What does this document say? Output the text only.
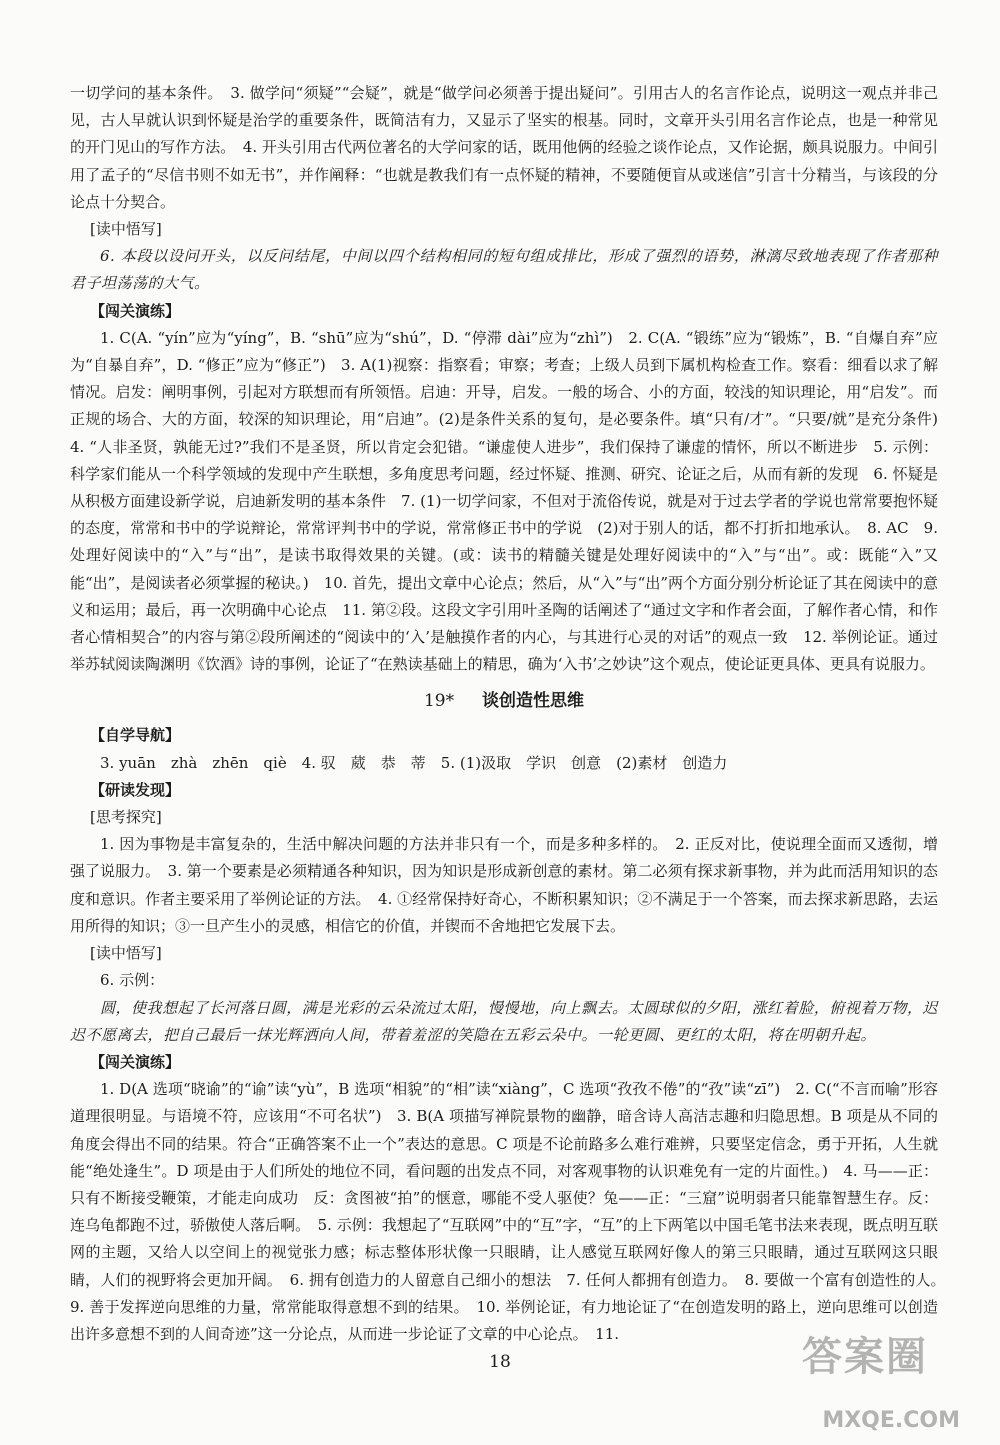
一切学问的基本条件。　3. 做学问“须疑”“会疑”，就是“做学问必须善于提出疑问”。引用古人的名言作论点，说明这一观点并非己见，古人早就认识到怀疑是治学的重要条件，既简洁有力，又显示了坚实的根基。同时，文章开头引用名言作论点，也是一种常见的开门见山的写作方法。　4. 开头引用古代两位著名的大学问家的话，既用他俩的经验之谈作论点，又作论据，颇具说服力。中间引用了孟子的“尽信书则不如无书”，并作阐释：“也就是教我们有一点怀疑的精神，不要随便盲从或迷信”引言十分精当，与该段的分论点十分契合。

[读中悟写]

6. 本段以设问开头，以反问结尾，中间以四个结构相同的短句组成排比，形成了强烈的语势，淋漓尽致地表现了作者那种君子坦荡荡的大气。

【闯关演练】

1. C(A. “yín”应为“yíng”，B. “shū”应为“shú”，D. “停滞 dài”应为“zhì”)　2. C(A. “锻练”应为“锻炼”，B. “自爆自弃”应为“自暴自弃”，D. “修正”应为“修正”)　3. A(1)视察：指察看；审察；考查；上级人员到下属机构检查工作。察看：细看以求了解情况。启发：阐明事例，引起对方联想而有所领悟。启迪：开导，启发。一般的场合、小的方面，较浅的知识理论，用“启发”。而正规的场合、大的方面，较深的知识理论，用“启迪”。(2)是条件关系的复句，是必要条件。填“只有/才”。“只要/就”是充分条件)　4. “人非圣贤，孰能无过?”我们不是圣贤，所以肯定会犯错。“谦虚使人进步”，我们保持了谦虚的情怀，所以不断进步　5. 示例：科学家们能从一个科学领域的发现中产生联想，多角度思考问题，经过怀疑、推测、研究、论证之后，从而有新的发现　6. 怀疑是从积极方面建设新学说，启迪新发明的基本条件　7. (1)一切学问家，不但对于流俗传说，就是对于过去学者的学说也常常要抱怀疑的态度，常常和书中的学说辩论，常常评判书中的学说，常常修正书中的学说　(2)对于别人的话，都不打折扣地承认。　8. AC　9. 处理好阅读中的“入”与“出”，是读书取得效果的关键。(或：读书的精髓关键是处理好阅读中的“入”与“出”。或：既能“入”又能“出”，是阅读者必须掌握的秘诀。)　10. 首先，提出文章中心论点；然后，从“入”与“出”两个方面分别分析论证了其在阅读中的意义和运用；最后，再一次明确中心论点　11. 第②段。这段文字引用叶圣陶的话阐述了“通过文字和作者会面，了解作者心情，和作者心情相契合”的内容与第②段所阐述的“阅读中的‘入’是触摸作者的内心，与其进行心灵的对话”的观点一致　12. 举例论证。通过举苏轼阅读陶渊明《饮酒》诗的事例，论证了“在熟读基础上的精思，确为‘入书’之妙诀”这个观点，使论证更具体、更具有说服力。

19* 谈创造性思维
【自学导航】

3. yuān　zhà　zhēn　qiè　4. 驭　葳　恭　蒂　5. (1)汲取　学识　创意　(2)素材　创造力

【研读发现】
[思考探究]

1. 因为事物是丰富复杂的，生活中解决问题的方法并非只有一个，而是多种多样的。　2. 正反对比，使说理全面而又透彻，增强了说服力。　3. 第一个要素是必须精通各种知识，因为知识是形成新创意的素材。第二必须有探求新事物，并为此而活用知识的态度和意识。作者主要采用了举例论证的方法。　4. ①经常保持好奇心，不断积累知识；②不满足于一个答案，而去探求新思路，去运用所得的知识；③一旦产生小的灵感，相信它的价值，并锲而不舍地把它发展下去。

[读中悟写]

6. 示例：

圆，使我想起了长河落日圆，满是光彩的云朵流过太阳，慢慢地，向上飘去。太圆球似的夕阳，涨红着脸，俯视着万物，迟迟不愿离去，把自己最后一抹光辉洒向人间，带着羞涩的笑隐在五彩云朵中。一轮更圆、更红的太阳，将在明朝升起。

【闯关演练】

1. D(A 选项“晓谕”的“谕”读“yù”，B 选项“相貌”的“相”读“xiàng”，C 选项“孜孜不倦”的“孜”读“zī”)　2. C(“不言而喻”形容道理很明显。与语境不符，应该用“不可名状”)　3. B(A 项描写禅院景物的幽静，暗含诗人高洁志趣和归隐思想。B 项是从不同的角度会得出不同的结果。符合“正确答案不止一个”表达的意思。C 项是不论前路多么难行难辨，只要坚定信念，勇于开拓，人生就能“绝处逢生”。D 项是由于人们所处的地位不同，看问题的出发点不同，对客观事物的认识难免有一定的片面性。)　4. 马——正：只有不断接受鞭策，才能走向成功　反：贪图被“拍”的惬意，哪能不受人驱使？兔——正：“三窟”说明弱者只能靠智慧生存。反：连乌龟都跑不过，骄傲使人落后啊。　5. 示例：我想起了“互联网”中的“互”字，“互”的上下两笔以中国毛笔书法来表现，既点明互联网的主题，又给人以空间上的视觉张力感；标志整体形状像一只眼睛，让人感觉互联网好像人的第三只眼睛，通过互联网这只眼睛，人们的视野将会更加开阔。　6. 拥有创造力的人留意自己细小的想法　7. 任何人都拥有创造力。　8. 要做一个富有创造性的人。　9. 善于发挥逆向思维的力量，常常能取得意想不到的结果。　10. 举例论证，有力地论证了“在创造发明的路上，逆向思维可以创造出许多意想不到的人间奇迹”这一分论点，从而进一步论证了文章的中心论点。　11.

18	答案圈
MXQE.COM
